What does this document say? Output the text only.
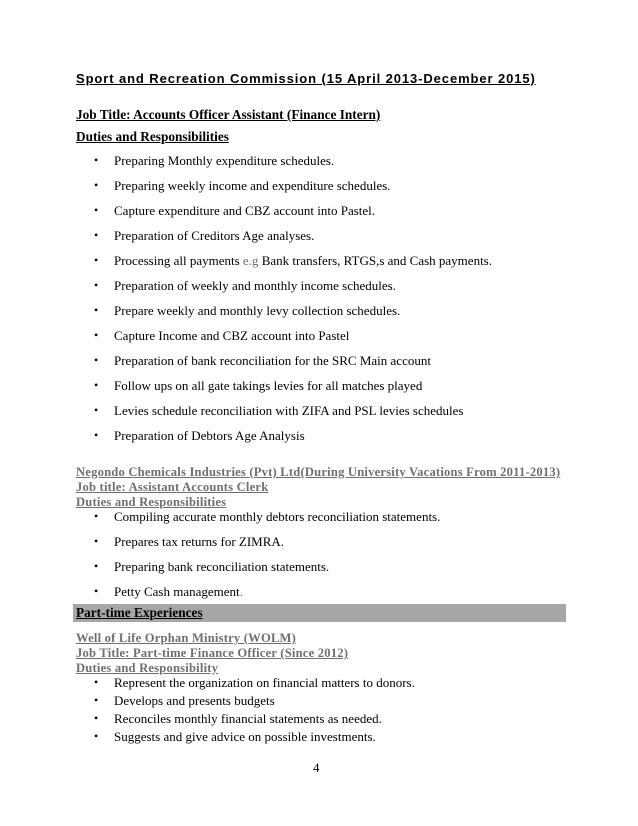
Sport and Recreation Commission (15 April 2013-December 2015)
Job Title: Accounts Officer Assistant (Finance Intern)
Duties and Responsibilities
• Preparing Monthly expenditure schedules.
• Preparing weekly income and expenditure schedules.
• Capture expenditure and CBZ account into Pastel.
• Preparation of Creditors Age analyses.
• Processing all payments e.g Bank transfers, RTGS,s and Cash payments.
• Preparation of weekly and monthly income schedules.
• Prepare weekly and monthly levy collection schedules.
• Capture Income and CBZ account into Pastel
• Preparation of bank reconciliation for the SRC Main account
• Follow ups on all gate takings levies for all matches played
• Levies schedule reconciliation with ZIFA and PSL levies schedules
• Preparation of Debtors Age Analysis
Negondo Chemicals Industries (Pvt) Ltd(During University Vacations From 2011-2013)
Job title: Assistant Accounts Clerk
Duties and Responsibilities
• Compiling accurate monthly debtors reconciliation statements.
• Prepares tax returns for ZIMRA.
• Preparing bank reconciliation statements.
• Petty Cash management.
Part-time Experiences
Well of Life Orphan Ministry (WOLM)
Job Title: Part-time Finance Officer (Since 2012)
Duties and Responsibility
• Represent the organization on financial matters to donors.
• Develops and presents budgets
• Reconciles monthly financial statements as needed.
• Suggests and give advice on possible investments.
4
